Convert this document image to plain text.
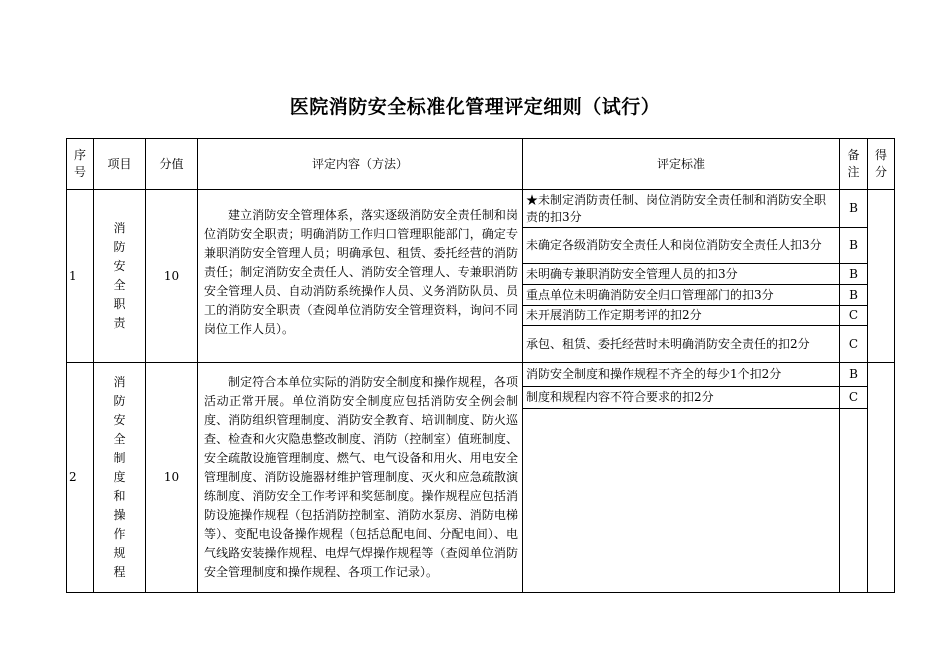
医院消防安全标准化管理评定细则（试行）
序号	项目	分值	评定内容（方法）	评定标准	备注	得分
1	消防安全职责	10	建立消防安全管理体系，落实逐级消防安全责任制和岗位消防安全职责；明确消防工作归口管理职能部门，确定专兼职消防安全管理人员；明确承包、租赁、委托经营的消防责任；制定消防安全责任人、消防安全管理人、专兼职消防安全管理人员、自动消防系统操作人员、义务消防队员、员工的消防安全职责（查阅单位消防安全管理资料，询问不同岗位工作人员）。	★未制定消防责任制、岗位消防安全责任制和消防安全职责的扣3分	B	
				未确定各级消防安全责任人和岗位消防安全责任人扣3分	B	
				未明确专兼职消防安全管理人员的扣3分	B	
				重点单位未明确消防安全归口管理部门的扣3分	B	
				未开展消防工作定期考评的扣2分	C	
				承包、租赁、委托经营时未明确消防安全责任的扣2分	C	
2	消防安全制度和操作规程	10	制定符合本单位实际的消防安全制度和操作规程，各项活动正常开展。单位消防安全制度应包括消防安全例会制度、消防组织管理制度、消防安全教育、培训制度、防火巡查、检查和火灾隐患整改制度、消防（控制室）值班制度、安全疏散设施管理制度、燃气、电气设备和用火、用电安全管理制度、消防设施器材维护管理制度、灭火和应急疏散演练制度、消防安全工作考评和奖惩制度。操作规程应包括消防设施操作规程（包括消防控制室、消防水泵房、消防电梯等）、变配电设备操作规程（包括总配电间、分配电间）、电气线路安装操作规程、电焊气焊操作规程等（查阅单位消防安全管理制度和操作规程、各项工作记录）。	消防安全制度和操作规程不齐全的每少1个扣2分	B	
				制度和规程内容不符合要求的扣2分	C	
